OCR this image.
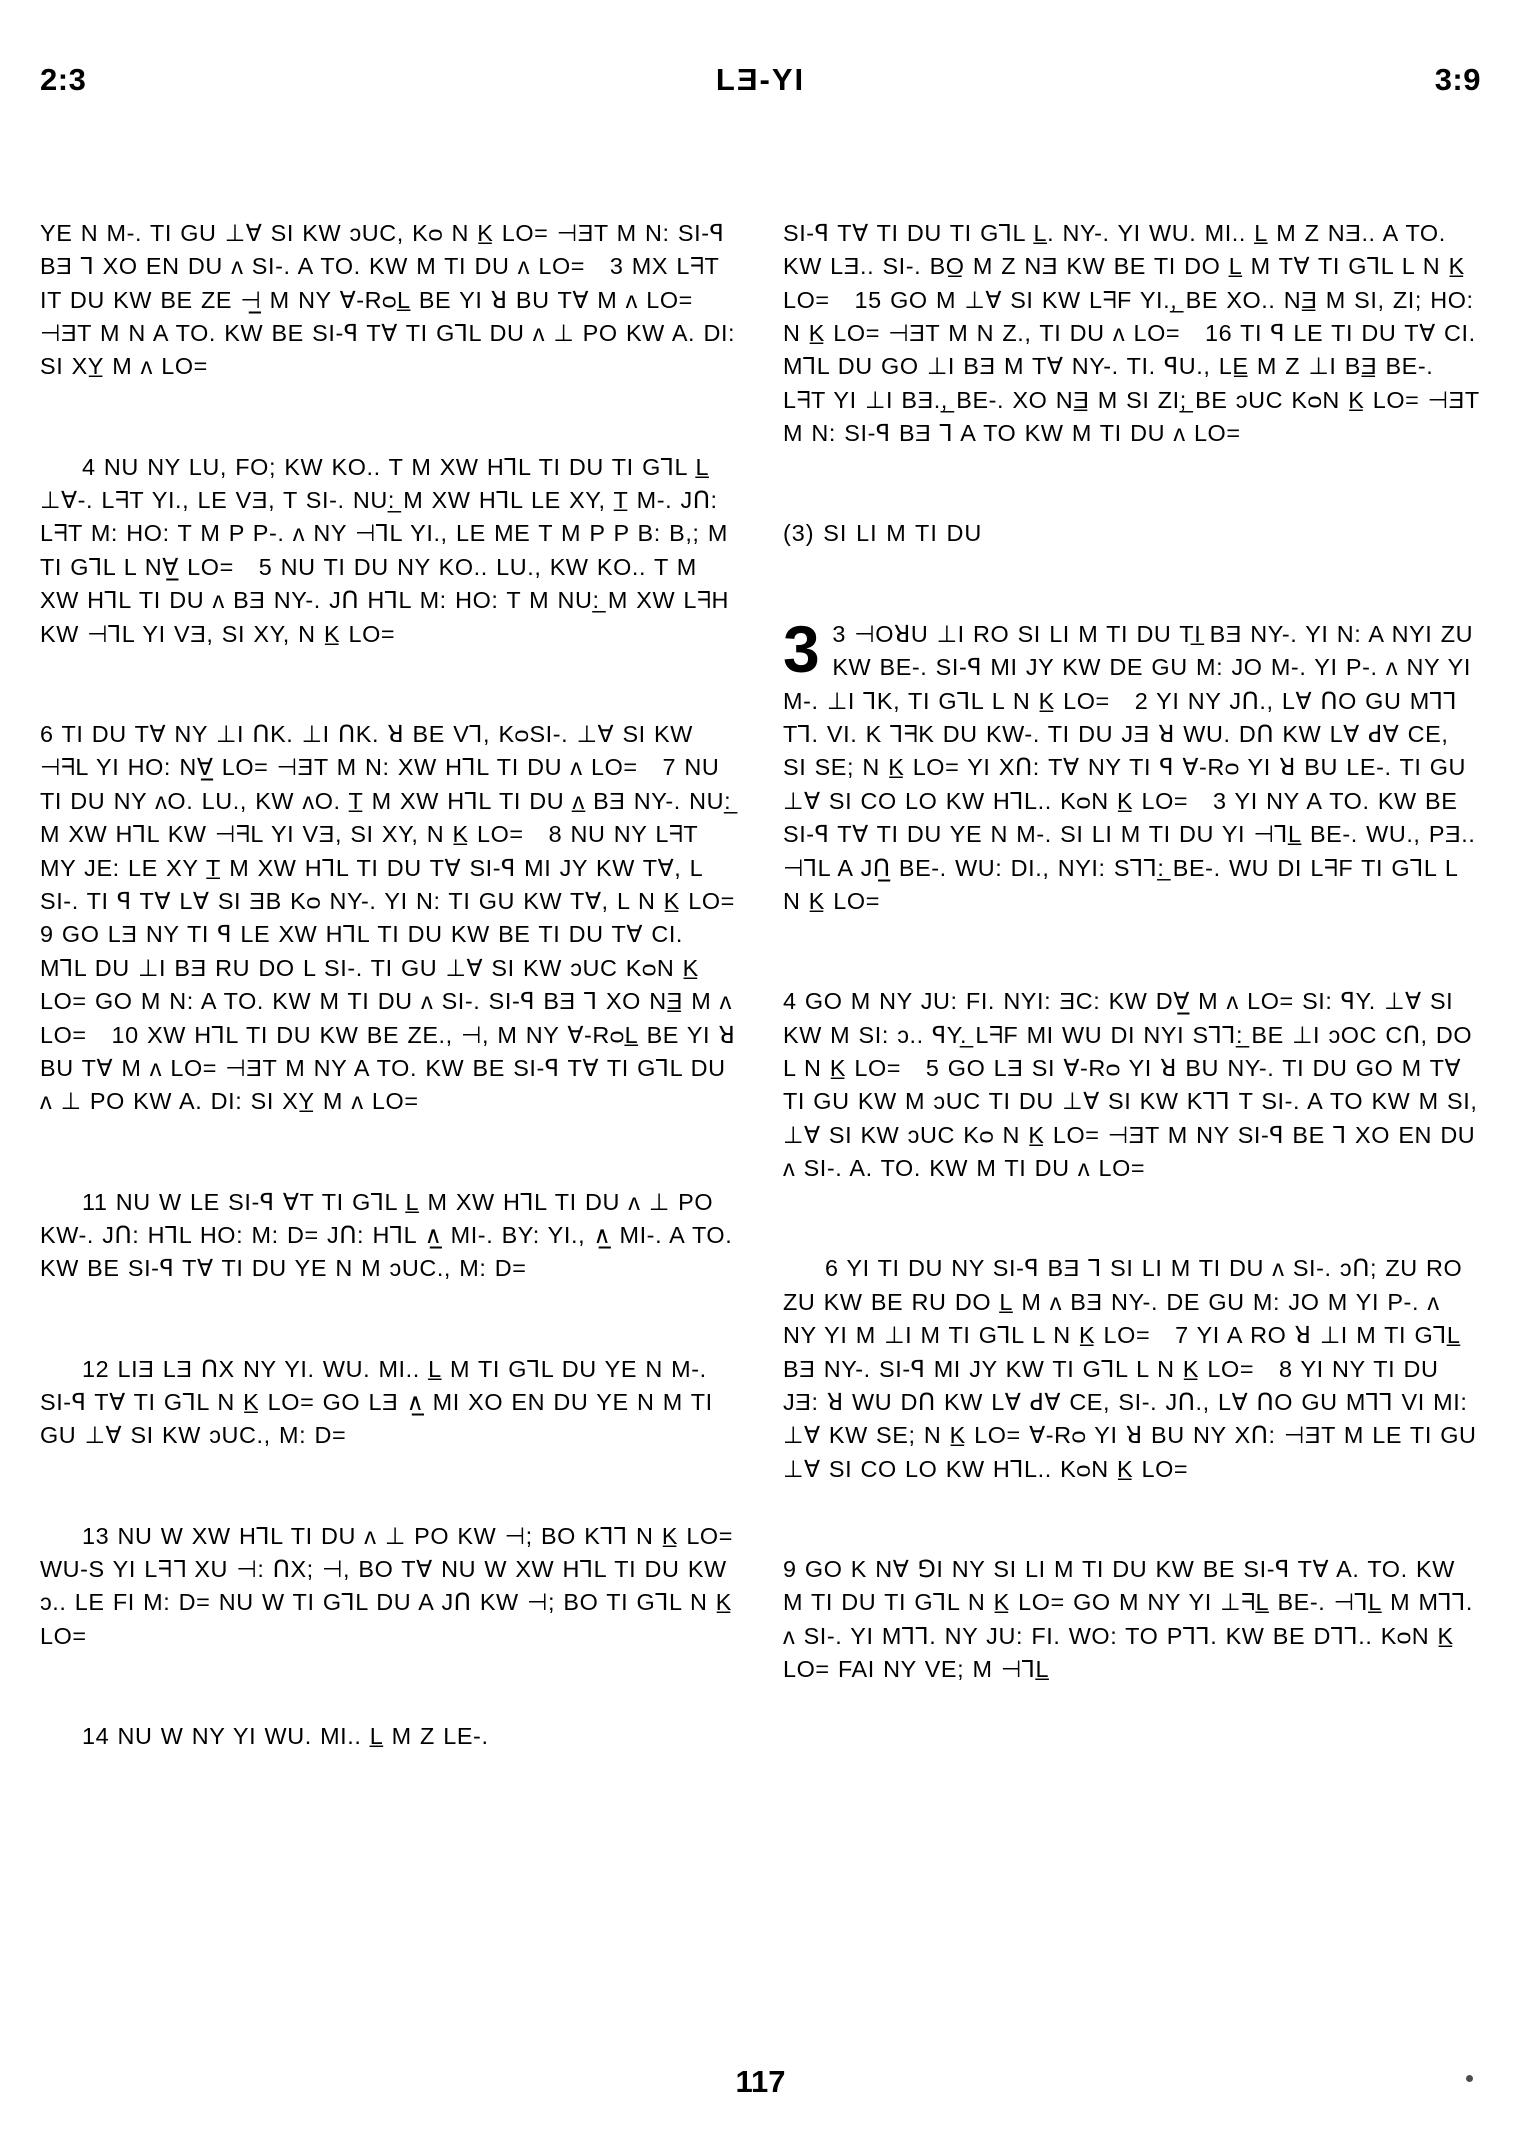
2:3	LƎ-YI	3:9

YE N M-. TI GU ⊥∀ SI KW ᴐUC, Kᴑ N K̲ LO= ⊣ƎT M N: SI-ꟼ BƎ ⅂ XO EN DU ʌ SI-. A TO. KW M TI DU ʌ LO=   3 MX LᖷT IT DU KW BE ZE ⊣̲ M NY ∀-RᴑL̲ BE YI ꓤ BU T∀ M ʌ LO= ⊣ƎT M N A TO. KW BE SI-ꟼ T∀ TI GꓶL DU ʌ ⊥ PO KW A. DI: SI XY̲ M ʌ LO=

4 NU NY LU, FO; KW KO.. T M XW HꓶL TI DU TI GꓶL L̲ ⊥∀-. LᖷT YI., LE VƎ, T SI-. NU:̲ M XW HꓶL LE XY, T̲ M-. Jꓵ: LᖷT M: HO: T M P P-. ʌ NY ⊣ꓶL YI., LE ME T M P P B: B,; M TI GꓶL L N∀̲ LO=   5 NU TI DU NY KO.. LU., KW KO.. T M XW HꓶL TI DU ʌ BƎ NY-. Jꓵ HꓶL M: HO: T M NU:̲ M XW LᖷH KW ⊣ꓶL YI VƎ, SI XY, N K̲ LO=

6 TI DU T∀ NY ⊥I ꓵK. ⊥I ꓵK. ꓤ BE V⅂, KᴑSI-. ⊥∀ SI KW ⊣ᖷL YI HO: N∀̲ LO= ⊣ƎT M N: XW HꓶL TI DU ʌ LO=   7 NU TI DU NY ʌO. LU., KW ʌO. T̲ M XW HꓶL TI DU ʌ̲ BƎ NY-. NU:̲ M XW HꓶL KW ⊣ᖷL YI VƎ, SI XY, N K̲ LO=   8 NU NY LᖷT MY JE: LE XY T̲ M XW HꓶL TI DU T∀ SI-ꟼ MI JY KW T∀, L SI-. TI ꟼ T∀ L∀ SI ƎB Kᴑ NY-. YI N: TI GU KW T∀, L N K̲ LO=   9 GO LƎ NY TI ꟼ LE XW HꓶL TI DU KW BE TI DU T∀ CI. MꓶL DU ⊥I BƎ RU DO L SI-. TI GU ⊥∀ SI KW ᴐUC KᴑN K̲ LO= GO M N: A TO. KW M TI DU ʌ SI-. SI-ꟼ BƎ ⅂ XO NƎ̲ M ʌ LO=   10 XW HꓶL TI DU KW BE ZE., ⊣, M NY ∀-RᴑL̲ BE YI ꓤ BU T∀ M ʌ LO= ⊣ƎT M NY A TO. KW BE SI-ꟼ T∀ TI GꓶL DU ʌ ⊥ PO KW A. DI: SI XY̲ M ʌ LO=

11 NU W LE SI-ꟼ ∀T TI GꓶL L̲ M XW HꓶL TI DU ʌ ⊥ PO KW-. Jꓵ: HꓶL HO: M: D= Jꓵ: HꓶL ∧̲ MI-. BY: YI., ∧̲ MI-. A TO. KW BE SI-ꟼ T∀ TI DU YE N M ᴐUC., M: D=

12 LIƎ LƎ ꓵX NY YI. WU. MI.. L̲ M TI GꓶL DU YE N M-. SI-ꟼ T∀ TI GꓶL N K̲ LO= GO LƎ ∧̲ MI XO EN DU YE N M TI GU ⊥∀ SI KW ᴐUC., M: D=

13 NU W XW HꓶL TI DU ʌ ⊥ PO KW ⊣; BO Kꓶ⅂ N K̲ LO= WU-S YI Lᖷ⅂ XU ⊣: ꓵX; ⊣, BO T∀ NU W XW HꓶL TI DU KW ᴐ.. LE FI M: D= NU W TI GꓶL DU A Jꓵ KW ⊣; BO TI GꓶL N K̲ LO=

14 NU W NY YI WU. MI.. L̲ M Z LE-.

SI-ꟼ T∀ TI DU TI GꓶL L̲. NY-. YI WU. MI.. L̲ M Z NƎ.. A TO. KW LƎ.. SI-. BO̲ M Z NƎ KW BE TI DO L̲ M T∀ TI GꓶL L N K̲ LO=   15 GO M ⊥∀ SI KW LᖷF YI.,̲ BE XO.. NƎ̲ M SI, ZI; HO: N K̲ LO= ⊣ƎT M N Z., TI DU ʌ LO=   16 TI ꟼ LE TI DU T∀ CI. MꓶL DU GO ⊥I BƎ M T∀ NY-. TI. ꟼU., LE̲ M Z ⊥I BƎ̲ BE-. LᖷT YI ⊥I BƎ.,̲ BE-. XO NƎ̲ M SI ZI;̲ BE ᴐUC KᴑN K̲ LO= ⊣ƎT M N: SI-ꟼ BƎ ⅂ A TO KW M TI DU ʌ LO=

(3) SI LI M TI DU

3 3 ⊣OꓤU ⊥I RO SI LI M TI DU TI̲ BƎ NY-. YI N: A NYI ZU KW BE-. SI-ꟼ MI JY KW DE GU M: JO M-. YI P-. ʌ NY YI M-. ⊥I ꓶK, TI GꓶL L N K̲ LO=   2 YI NY Jꓵ., L∀ ꓵO GU Mꓶ⅂ T⅂. VI. K ⅂ᖷK DU KW-. TI DU JƎ ꓤ WU. Dꓵ KW L∀ ꓒ∀ CE, SI SE; N K̲ LO= YI Xꓵ: T∀ NY TI ꟼ ∀-Rᴑ YI ꓤ BU LE-. TI GU ⊥∀ SI CO LO KW HꓶL.. KᴑN K̲ LO=   3 YI NY A TO. KW BE SI-ꟼ T∀ TI DU YE N M-. SI LI M TI DU YI ⊣ꓶL̲ BE-. WU., PƎ.. ⊣ꓶL A Jꓵ̲ BE-. WU: DI., NYI: Sꓶ⅂:̲ BE-. WU DI LᖷF TI GꓶL L N K̲ LO=

4 GO M NY JU: FI. NYI: ƎC: KW D∀̲ M ʌ LO= SI: ꟼY. ⊥∀ SI KW M SI: ᴐ.. ꟼY.̲ LᖷF MI WU DI NYI Sꓶ⅂:̲ BE ⊥I ᴐOC Cꓵ, DO L N K̲ LO=   5 GO LƎ SI ∀-Rᴑ YI ꓤ BU NY-. TI DU GO M T∀ TI GU KW M ᴐUC TI DU ⊥∀ SI KW Kꓶ⅂ T SI-. A TO KW M SI, ⊥∀ SI KW ᴐUC Kᴑ N K̲ LO= ⊣ƎT M NY SI-ꟼ BE ⅂ XO EN DU ʌ SI-. A. TO. KW M TI DU ʌ LO=

6 YI TI DU NY SI-ꟼ BƎ ⅂ SI LI M TI DU ʌ SI-. ᴐꓵ; ZU RO ZU KW BE RU DO L̲ M ʌ BƎ NY-. DE GU M: JO M YI P-. ʌ NY YI M ⊥I M TI GꓶL L N K̲ LO=   7 YI A RO ꓤ ⊥I M TI GꓶL̲ BƎ NY-. SI-ꟼ MI JY KW TI GꓶL L N K̲ LO=   8 YI NY TI DU JƎ: ꓤ WU Dꓵ KW L∀ ꓒ∀ CE, SI-. Jꓵ., L∀ ꓵO GU Mꓶ⅂ VI MI: ⊥∀ KW SE; N K̲ LO= ∀-Rᴑ YI ꓤ BU NY Xꓵ: ⊣ƎT M LE TI GU ⊥∀ SI CO LO KW HꓶL.. KᴑN K̲ LO=

9 GO K N∀ ꓨI NY SI LI M TI DU KW BE SI-ꟼ T∀ A. TO. KW M TI DU TI GꓶL N K̲ LO= GO M NY YI ⊥ᖷL̲ BE-. ⊣ꓶL̲ M Mꓶ⅂. ʌ SI-. YI Mꓶ⅂. NY JU: FI. WO: TO Pꓶ⅂. KW BE Dꓶ⅂.. KᴑN K̲ LO= FAI NY VE; M ⊣ꓶL̲

117
